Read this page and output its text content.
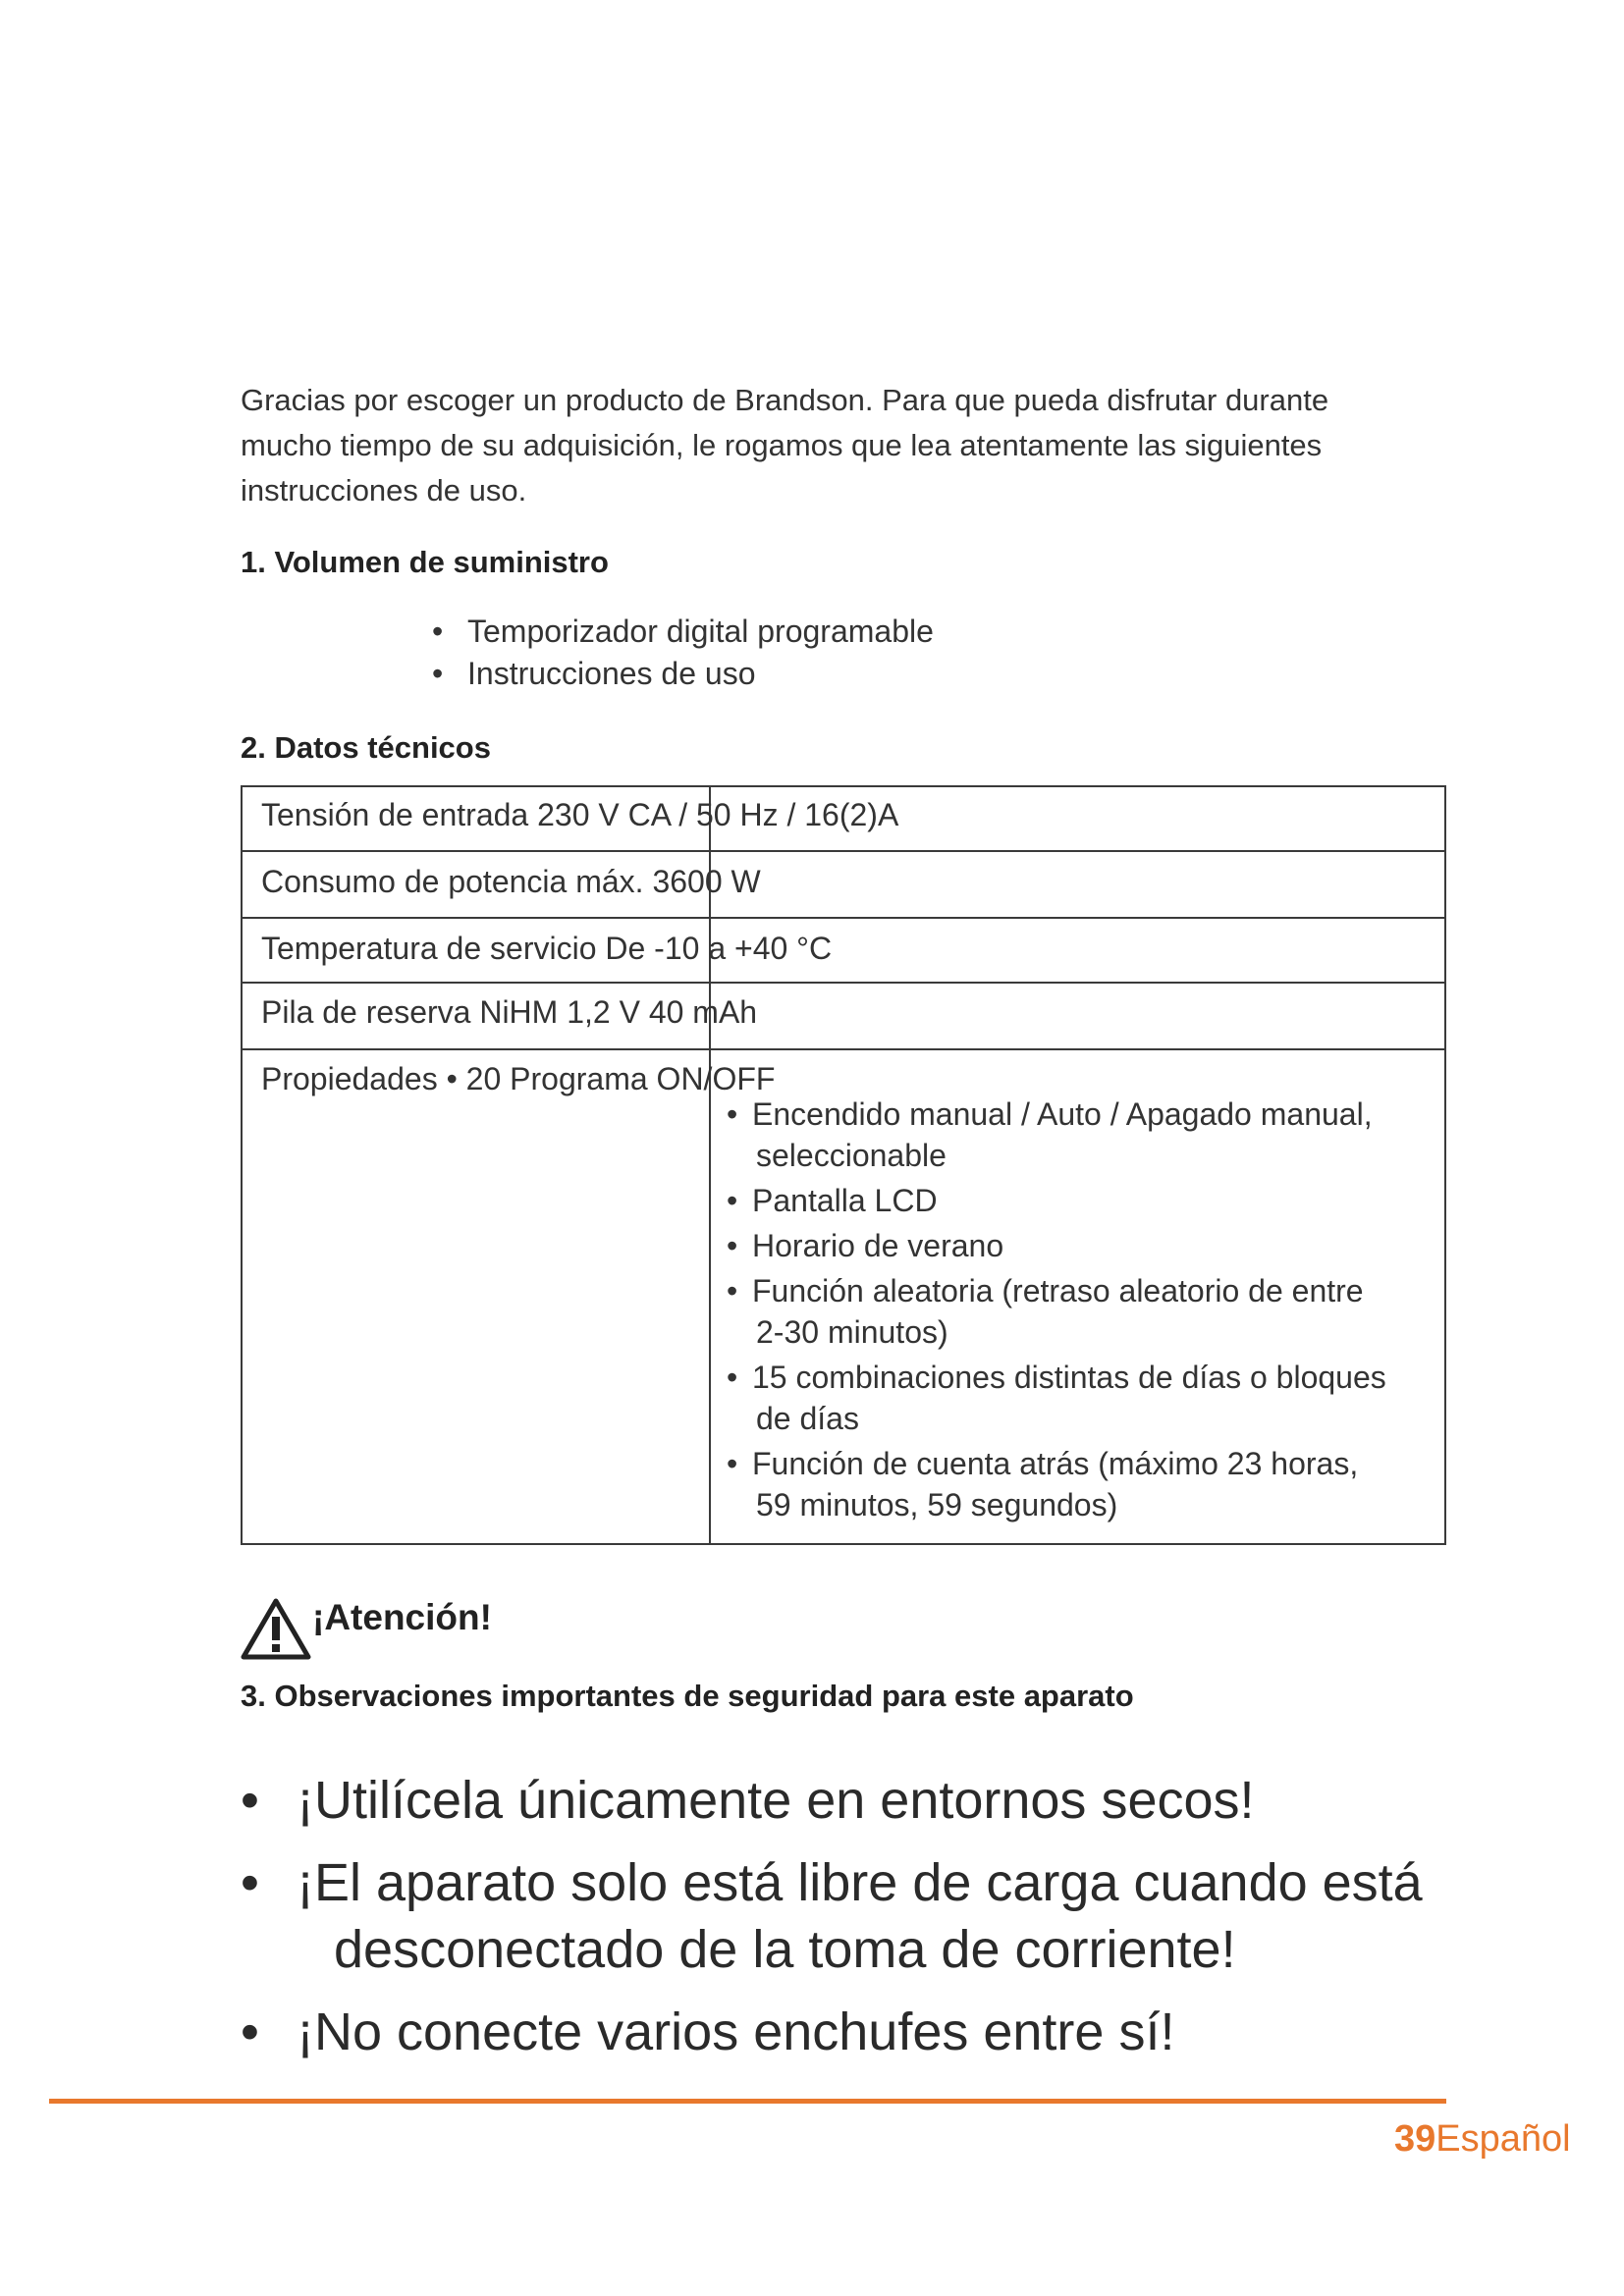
Gracias por escoger un producto de Brandson. Para que pueda disfrutar durante

mucho tiempo de su adquisición, le rogamos que lea atentamente las siguientes

instrucciones de uso.

1. Volumen de suministro
• Temporizador digital programable
• Instrucciones de uso
2. Datos técnicos
Tensión de entrada 230 V CA / 50 Hz / 16(2)A
Consumo de potencia máx. 3600 W
Temperatura de servicio De -10 a +40 °C
Pila de reserva NiHM 1,2 V 40 mAh
Propiedades • 20 Programa ON/OFF
• Encendido manual / Auto / Apagado manual,
seleccionable
• Pantalla LCD
• Horario de verano
• Función aleatoria (retraso aleatorio de entre
2-30 minutos)
• 15 combinaciones distintas de días o bloques
de días
• Función de cuenta atrás (máximo 23 horas,
59 minutos, 59 segundos)
¡Atención!
3. Observaciones importantes de seguridad para este aparato
• ¡Utilícela únicamente en entornos secos!
• ¡El aparato solo está libre de carga cuando está
desconectado de la toma de corriente!
• ¡No conecte varios enchufes entre sí!
39Español
